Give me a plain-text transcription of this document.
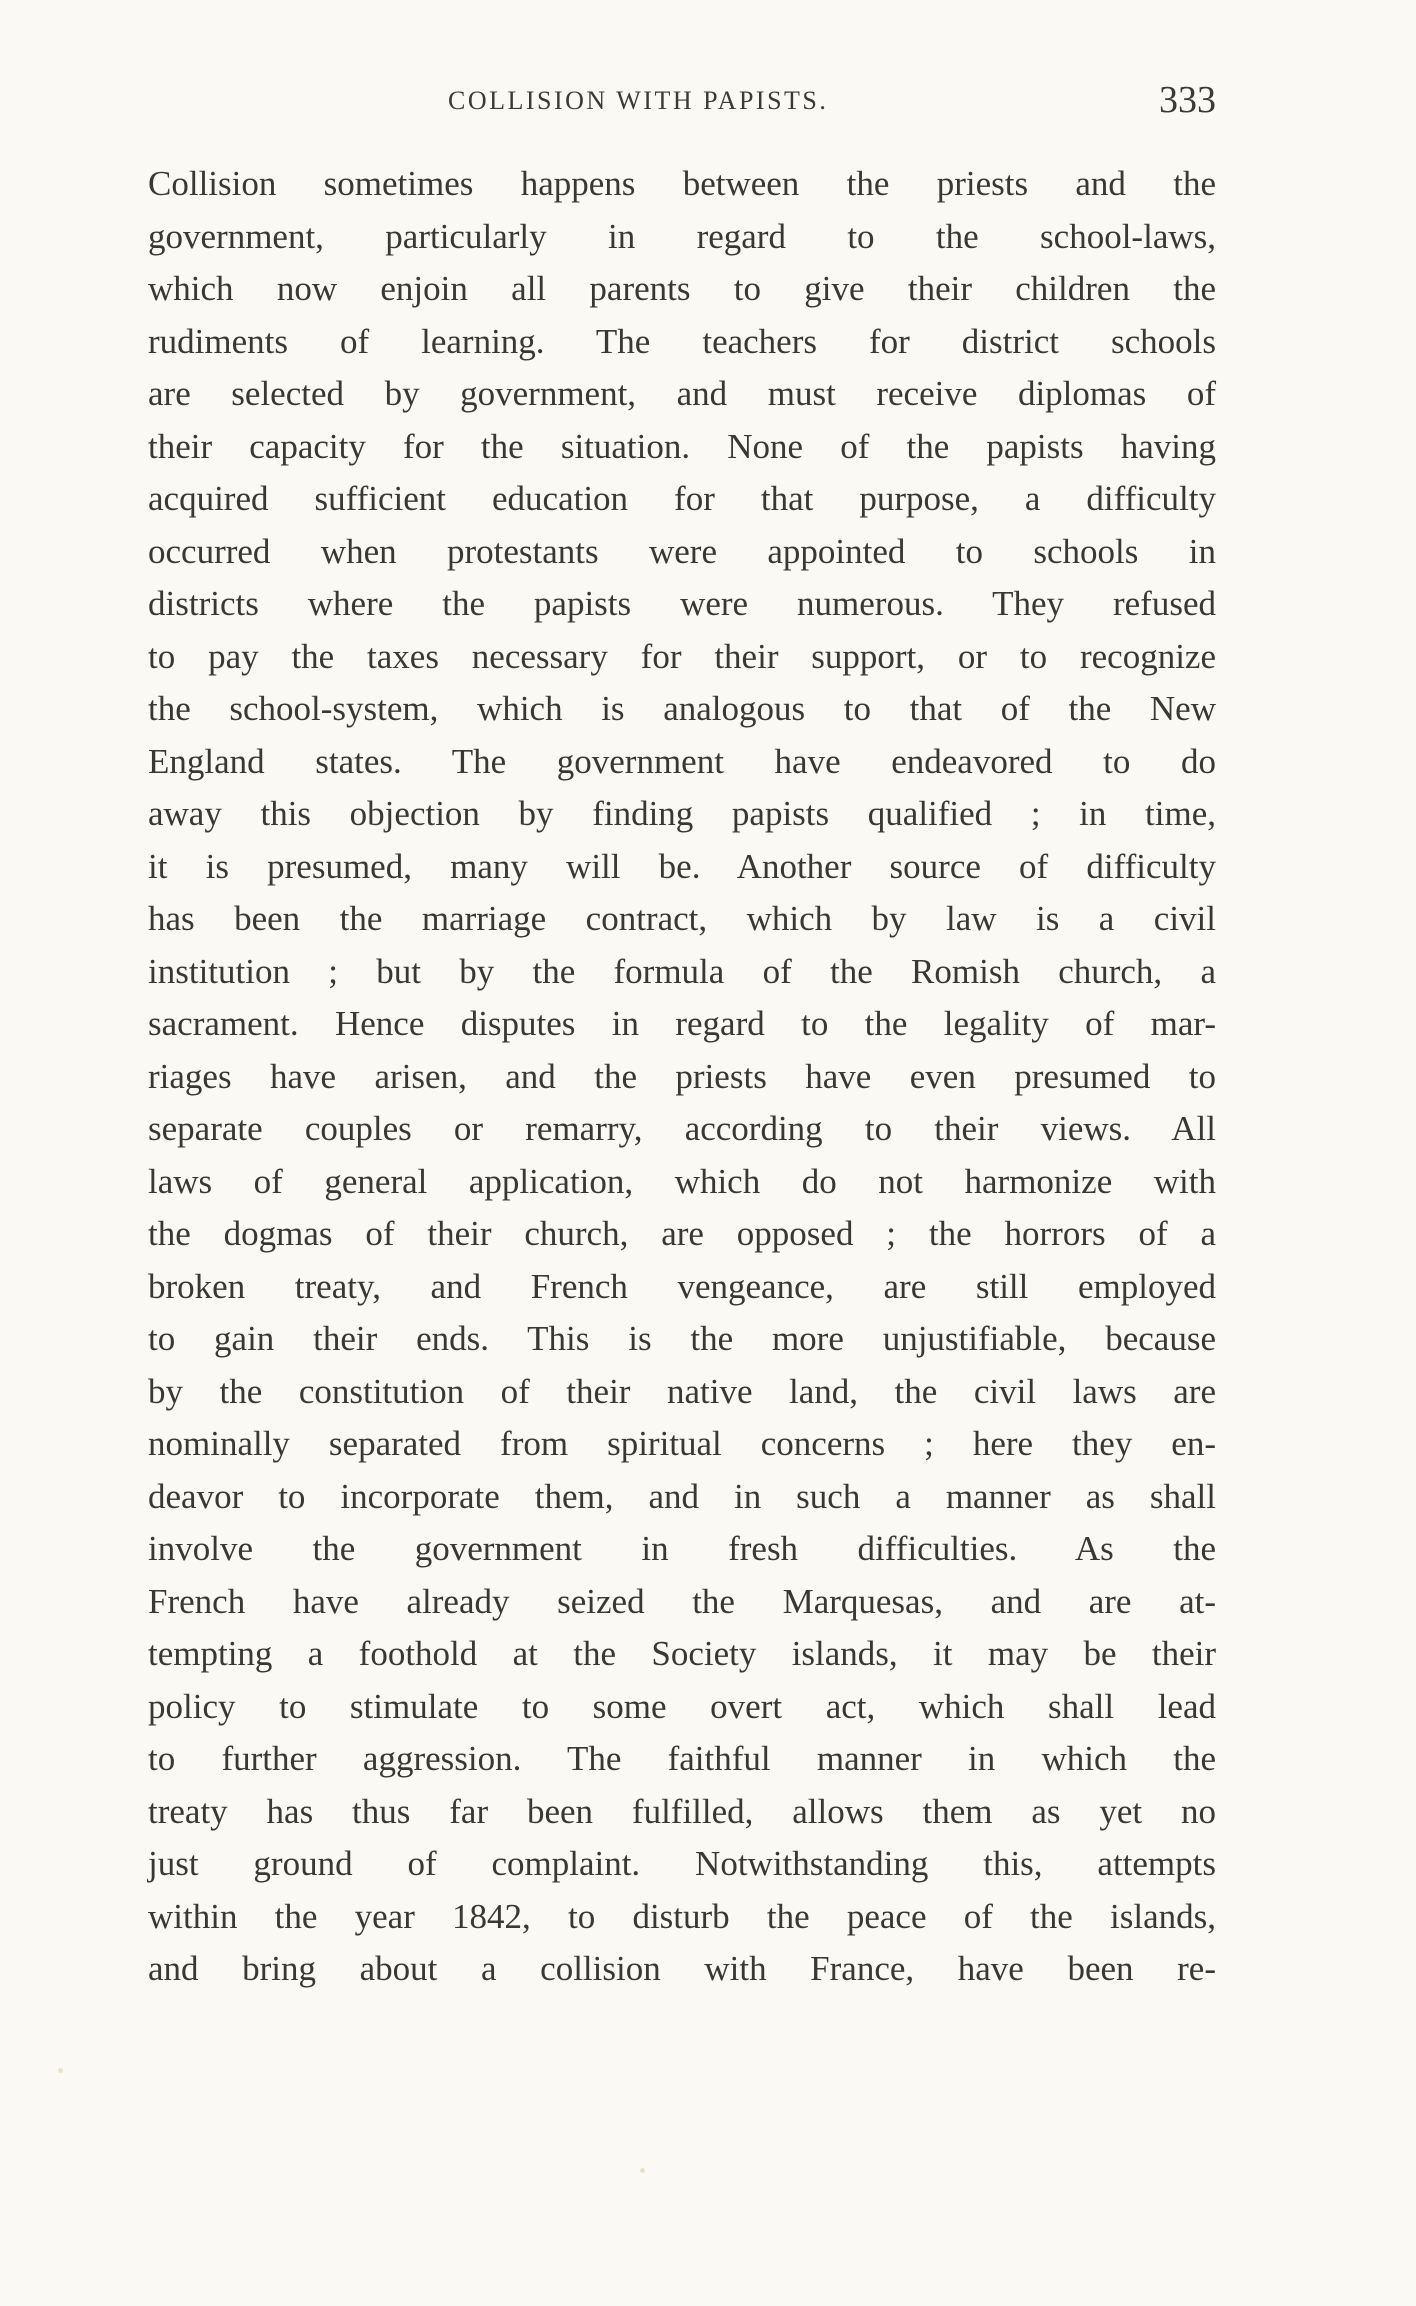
COLLISION WITH PAPISTS.	333
Collision sometimes happens between the priests and the
government, particularly in regard to the school-laws,
which now enjoin all parents to give their children the
rudiments of learning. The teachers for district schools
are selected by government, and must receive diplomas of
their capacity for the situation. None of the papists having
acquired sufficient education for that purpose, a difficulty
occurred when protestants were appointed to schools in
districts where the papists were numerous. They refused
to pay the taxes necessary for their support, or to recognize
the school-system, which is analogous to that of the New
England states. The government have endeavored to do
away this objection by finding papists qualified ; in time,
it is presumed, many will be. Another source of difficulty
has been the marriage contract, which by law is a civil
institution ; but by the formula of the Romish church, a
sacrament. Hence disputes in regard to the legality of mar-
riages have arisen, and the priests have even presumed to
separate couples or remarry, according to their views. All
laws of general application, which do not harmonize with
the dogmas of their church, are opposed ; the horrors of a
broken treaty, and French vengeance, are still employed
to gain their ends. This is the more unjustifiable, because
by the constitution of their native land, the civil laws are
nominally separated from spiritual concerns ; here they en-
deavor to incorporate them, and in such a manner as shall
involve the government in fresh difficulties. As the
French have already seized the Marquesas, and are at-
tempting a foothold at the Society islands, it may be their
policy to stimulate to some overt act, which shall lead
to further aggression. The faithful manner in which the
treaty has thus far been fulfilled, allows them as yet no
just ground of complaint. Notwithstanding this, attempts
within the year 1842, to disturb the peace of the islands,
and bring about a collision with France, have been re-
